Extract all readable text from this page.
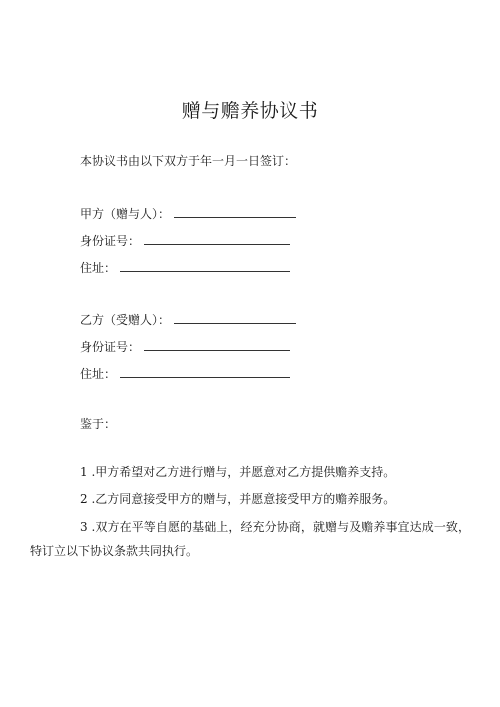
赠与赡养协议书
本协议书由以下双方于年一月一日签订：
甲方（赠与人）：
身份证号：
住址：
乙方（受赠人）：
身份证号：
住址：
鉴于：
1 .甲方希望对乙方进行赠与，并愿意对乙方提供赡养支持。
2 .乙方同意接受甲方的赠与，并愿意接受甲方的赡养服务。
3 .双方在平等自愿的基础上，经充分协商，就赠与及赡养事宜达成一致，特订立以下协议条款共同执行。
